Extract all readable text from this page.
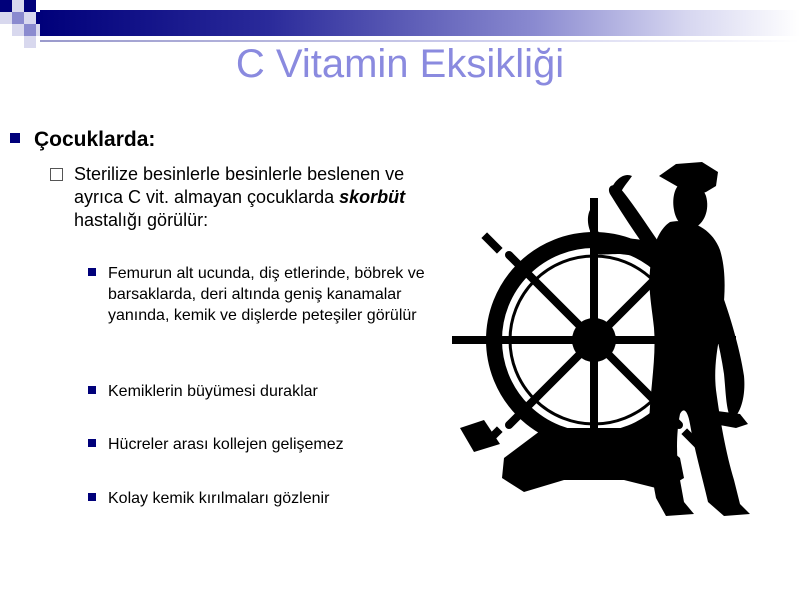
C Vitamin Eksikliği
Çocuklarda:
Sterilize besinlerle besinlerle beslenen ve ayrıca C vit. almayan çocuklarda skorbüt hastalığı görülür:
Femurun alt ucunda, diş etlerinde, böbrek ve barsaklarda, deri altında geniş kanamalar yanında, kemik ve dişlerde peteşiler görülür
Kemiklerin büyümesi duraklar
Hücreler arası kollejen gelişemez
Kolay kemik kırılmaları gözlenir
